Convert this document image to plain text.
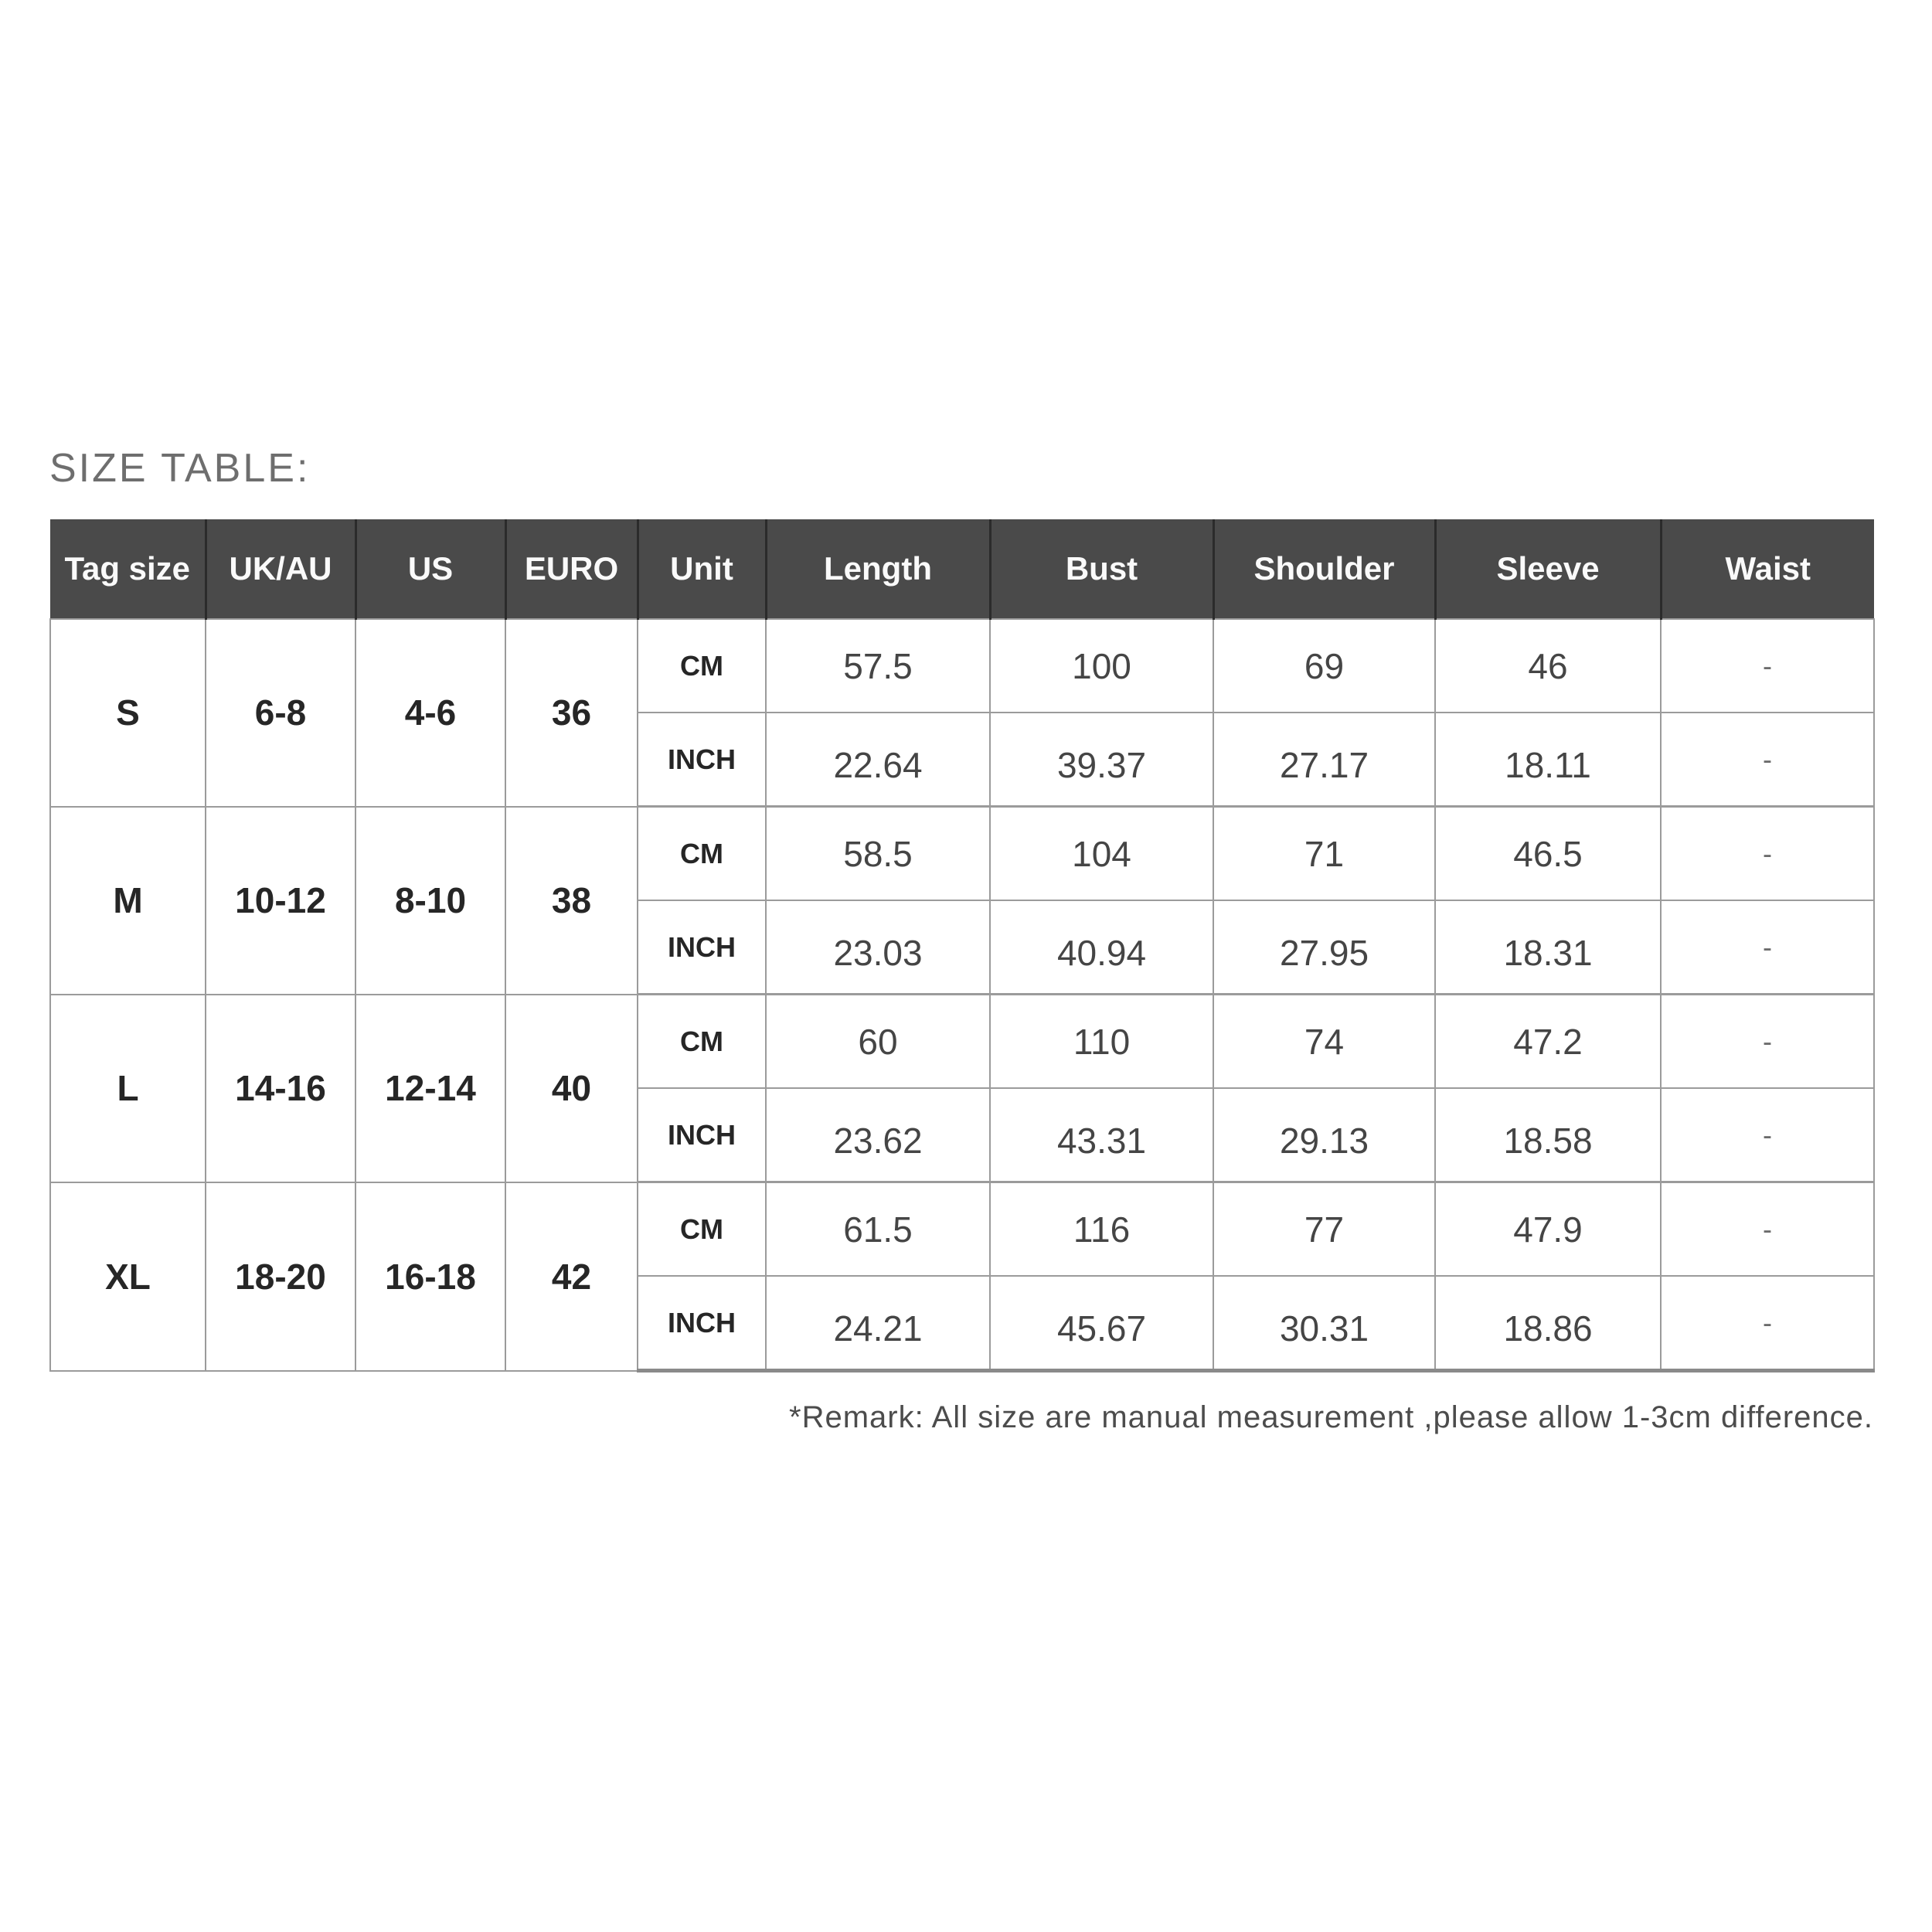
SIZE TABLE:
Tag size	UK/AU	US	EURO	Unit	Length	Bust	Shoulder	Sleeve	Waist
S	6-8	4-6	36	CM	57.5	100	69	46	-
				INCH	22.64	39.37	27.17	18.11	-
M	10-12	8-10	38	CM	58.5	104	71	46.5	-
				INCH	23.03	40.94	27.95	18.31	-
L	14-16	12-14	40	CM	60	110	74	47.2	-
				INCH	23.62	43.31	29.13	18.58	-
XL	18-20	16-18	42	CM	61.5	116	77	47.9	-
				INCH	24.21	45.67	30.31	18.86	-
*Remark: All size are manual measurement ,please allow 1-3cm difference.
